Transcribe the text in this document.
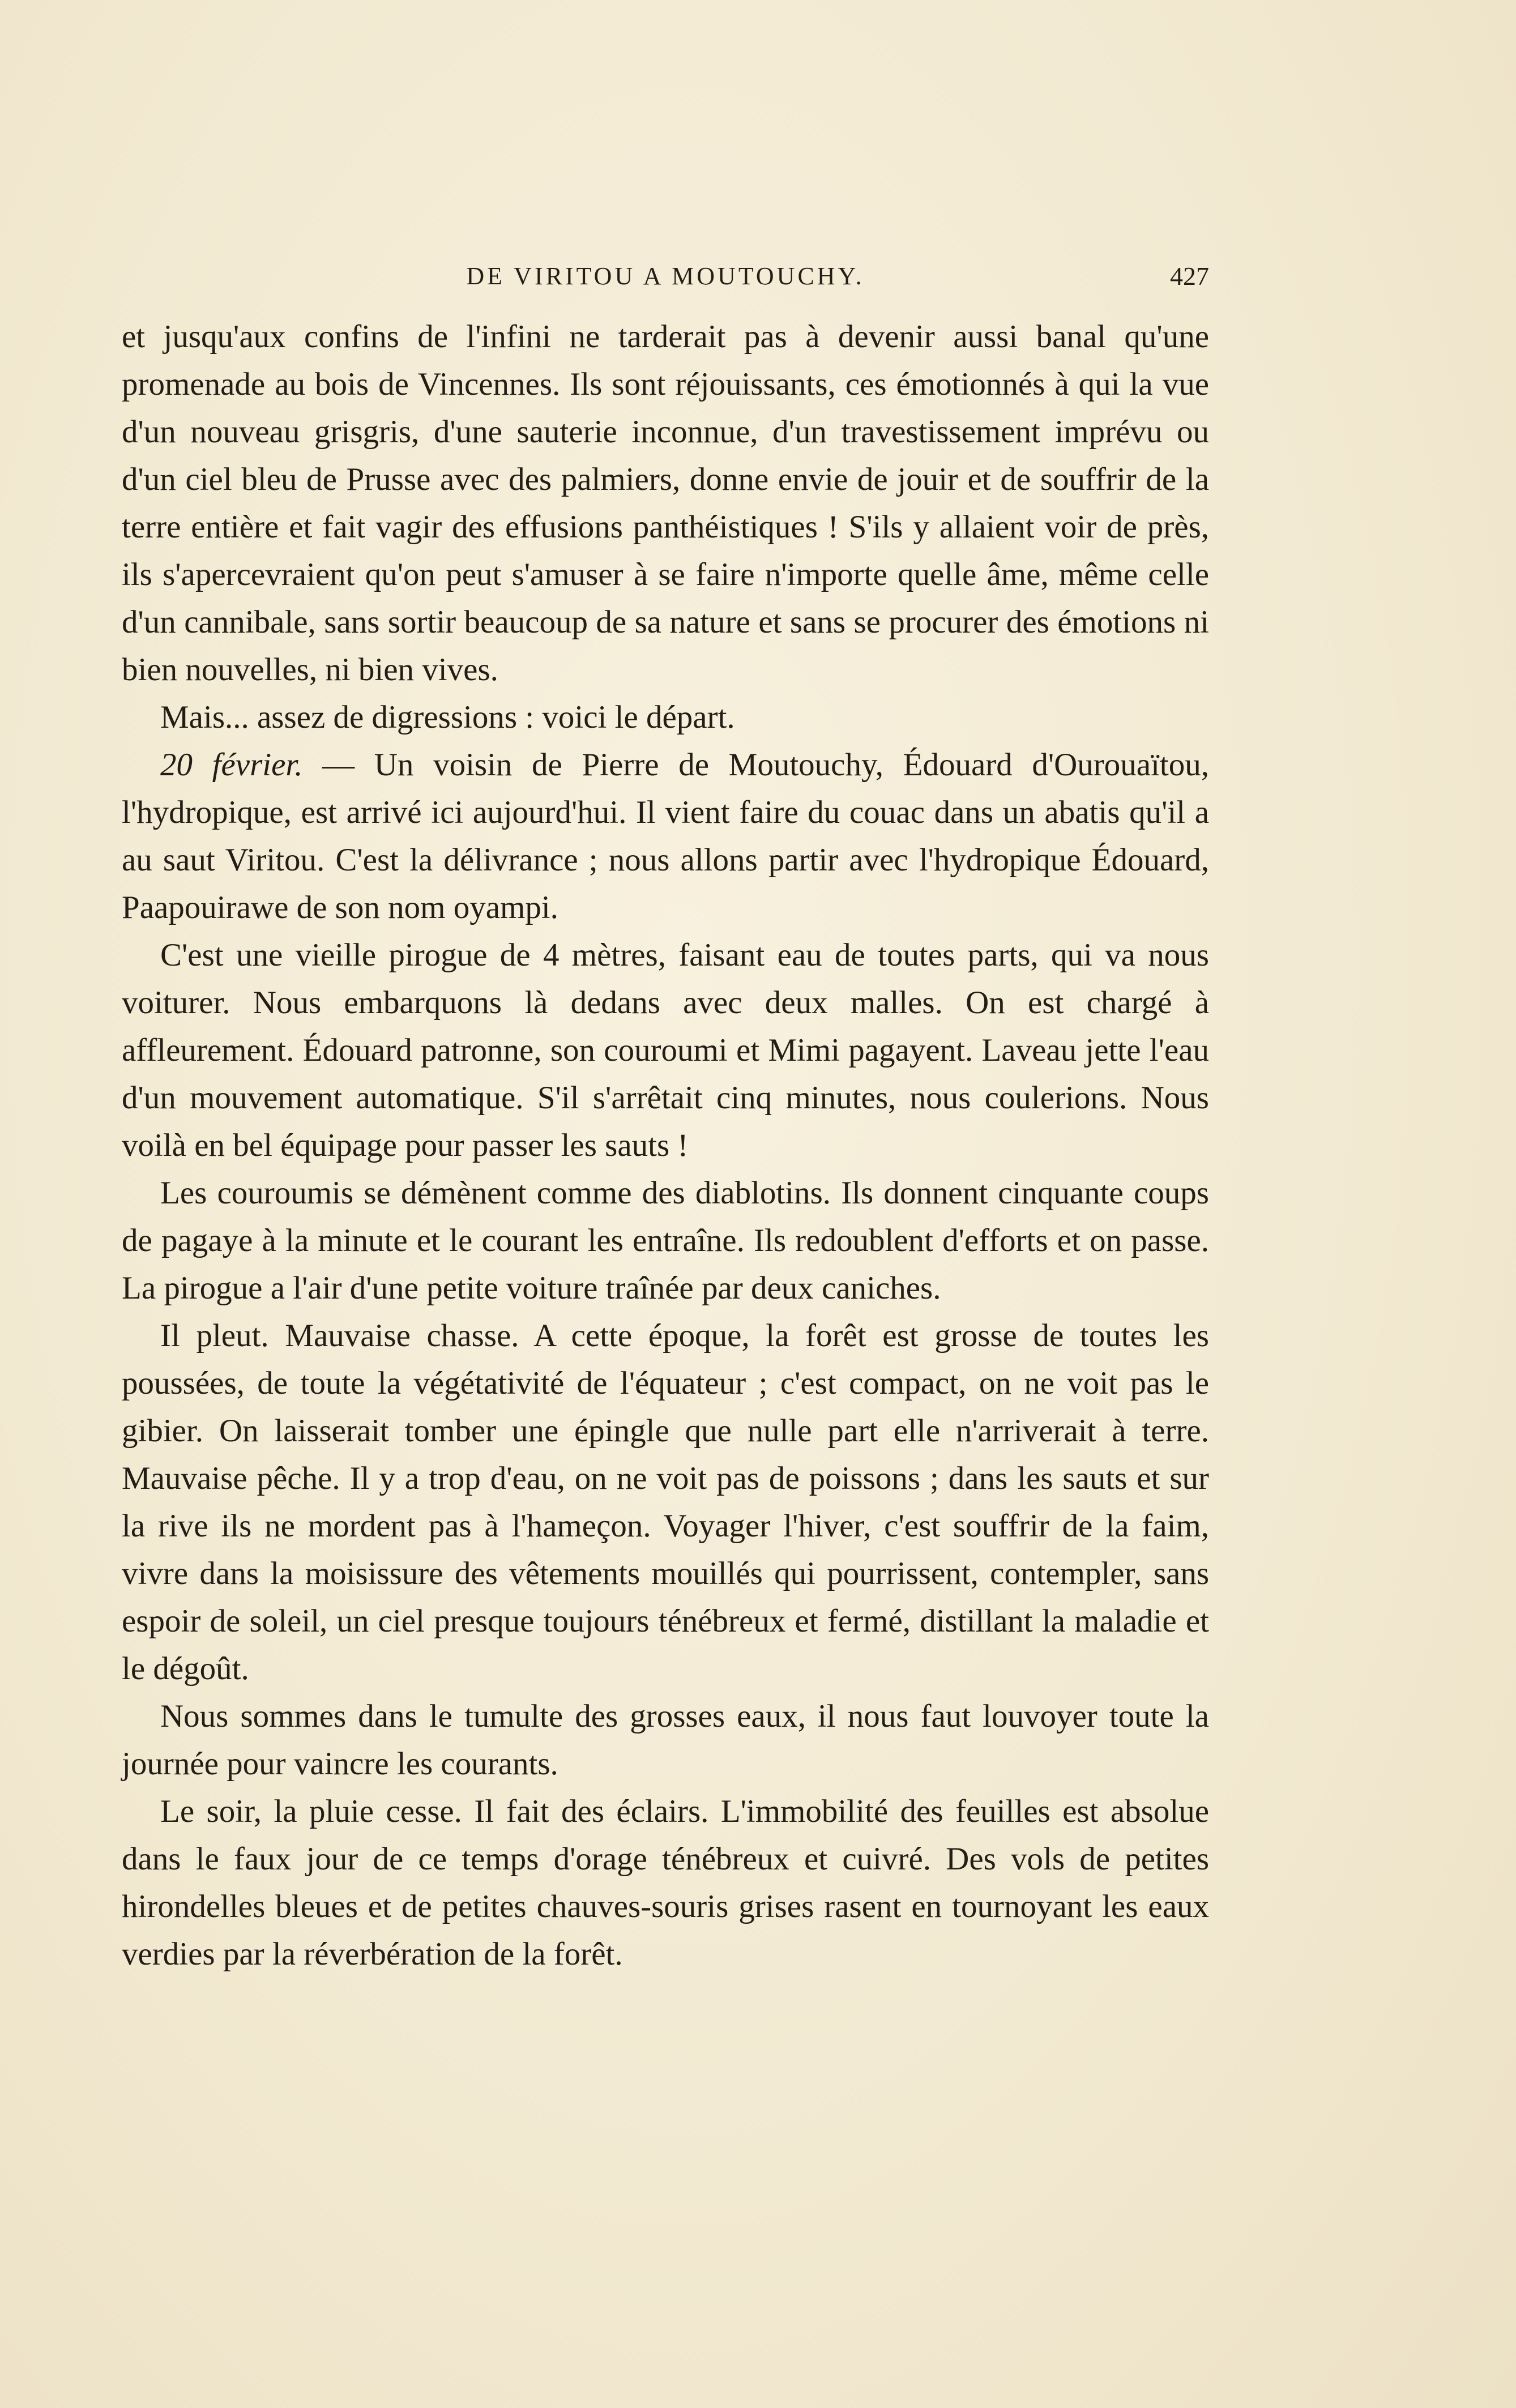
DE VIRITOU A MOUTOUCHY.	427

et jusqu'aux confins de l'infini ne tarderait pas à devenir aussi banal qu'une promenade au bois de Vincennes. Ils sont réjouissants, ces émotionnés à qui la vue d'un nouveau grisgris, d'une sauterie inconnue, d'un travestissement imprévu ou d'un ciel bleu de Prusse avec des palmiers, donne envie de jouir et de souffrir de la terre entière et fait vagir des effusions panthéistiques ! S'ils y allaient voir de près, ils s'apercevraient qu'on peut s'amuser à se faire n'importe quelle âme, même celle d'un cannibale, sans sortir beaucoup de sa nature et sans se procurer des émotions ni bien nouvelles, ni bien vives.

Mais... assez de digressions : voici le départ.

20 février. — Un voisin de Pierre de Moutouchy, Édouard d'Ourouaïtou, l'hydropique, est arrivé ici aujourd'hui. Il vient faire du couac dans un abatis qu'il a au saut Viritou. C'est la délivrance ; nous allons partir avec l'hydropique Édouard, Paapouirawe de son nom oyampi.

C'est une vieille pirogue de 4 mètres, faisant eau de toutes parts, qui va nous voiturer. Nous embarquons là dedans avec deux malles. On est chargé à affleurement. Édouard patronne, son couroumi et Mimi pagayent. Laveau jette l'eau d'un mouvement automatique. S'il s'arrêtait cinq minutes, nous coulerions. Nous voilà en bel équipage pour passer les sauts !

Les couroumis se démènent comme des diablotins. Ils donnent cinquante coups de pagaye à la minute et le courant les entraîne. Ils redoublent d'efforts et on passe. La pirogue a l'air d'une petite voiture traînée par deux caniches.

Il pleut. Mauvaise chasse. A cette époque, la forêt est grosse de toutes les poussées, de toute la végétativité de l'équateur ; c'est compact, on ne voit pas le gibier. On laisserait tomber une épingle que nulle part elle n'arriverait à terre. Mauvaise pêche. Il y a trop d'eau, on ne voit pas de poissons ; dans les sauts et sur la rive ils ne mordent pas à l'hameçon. Voyager l'hiver, c'est souffrir de la faim, vivre dans la moisissure des vêtements mouillés qui pourrissent, contempler, sans espoir de soleil, un ciel presque toujours ténébreux et fermé, distillant la maladie et le dégoût.

Nous sommes dans le tumulte des grosses eaux, il nous faut louvoyer toute la journée pour vaincre les courants.

Le soir, la pluie cesse. Il fait des éclairs. L'immobilité des feuilles est absolue dans le faux jour de ce temps d'orage ténébreux et cuivré. Des vols de petites hirondelles bleues et de petites chauves-souris grises rasent en tournoyant les eaux verdies par la réverbération de la forêt.
